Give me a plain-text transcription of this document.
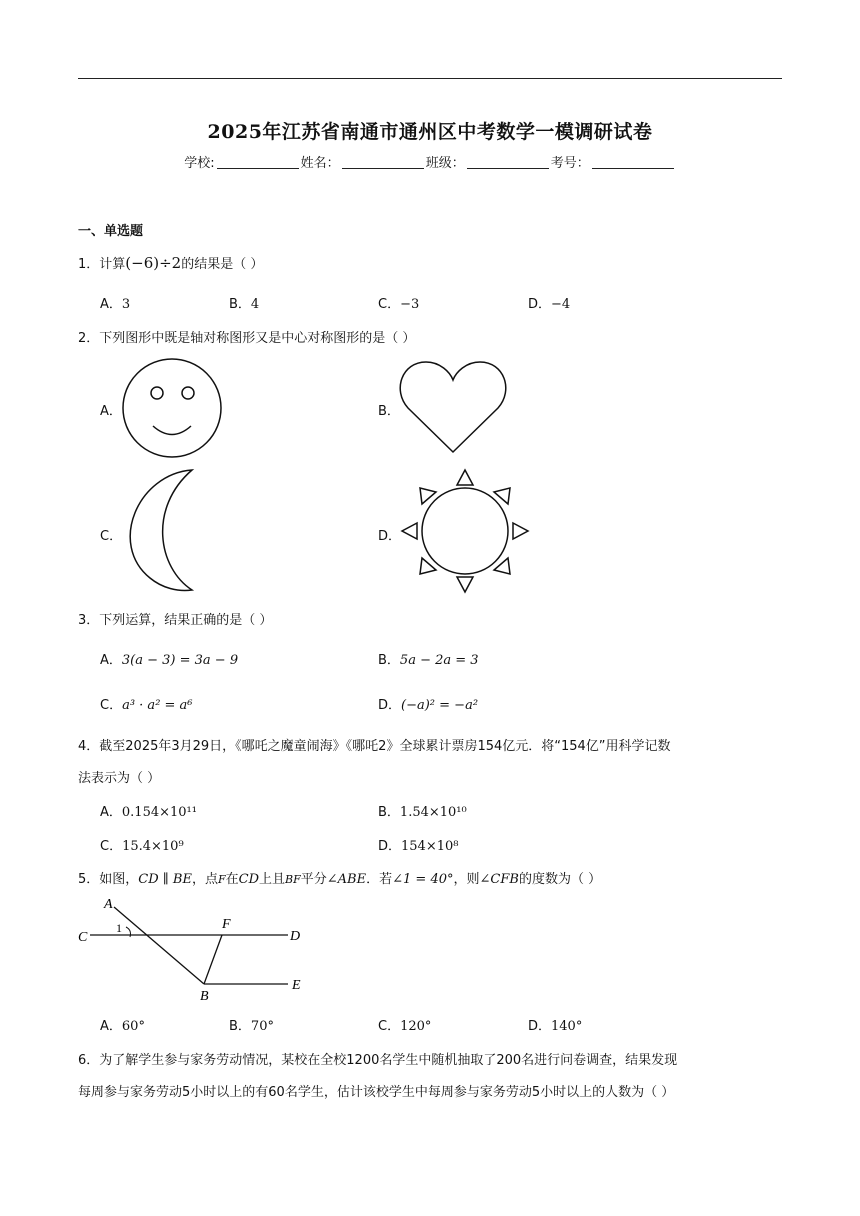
2025年江苏省南通市通州区中考数学一模调研试卷
学校:	姓名：	班级：	考号：
一、单选题
1．计算(−6)÷2的结果是（ ）
A．3	B．4	C．−3	D．−4
2．下列图形中既是轴对称图形又是中心对称图形的是（ ）
A．	B．
C．	D．
3．下列运算，结果正确的是（ ）
A．3(a − 3) = 3a − 9	B．5a − 2a = 3
C．a³ · a² = a⁶	D．(−a)² = −a²
4．截至2025年3月29日，《哪吒之魔童闹海》《哪吒2》全球累计票房154亿元．将“154亿”用科学记数
法表示为（ ）
A．0.154×10¹¹	B．1.54×10¹⁰
C．15.4×10⁹	D．154×10⁸
5．如图，CD ∥ BE，点F在CD上且BF平分∠ABE．若∠1 = 40°，则∠CFB的度数为（ ）
A
C
1	F
D
B
E
A．60°	B．70°	C．120°	D．140°
6．为了解学生参与家务劳动情况，某校在全校1200名学生中随机抽取了200名进行问卷调查，结果发现
每周参与家务劳动5小时以上的有60名学生，估计该校学生中每周参与家务劳动5小时以上的人数为（ ）
